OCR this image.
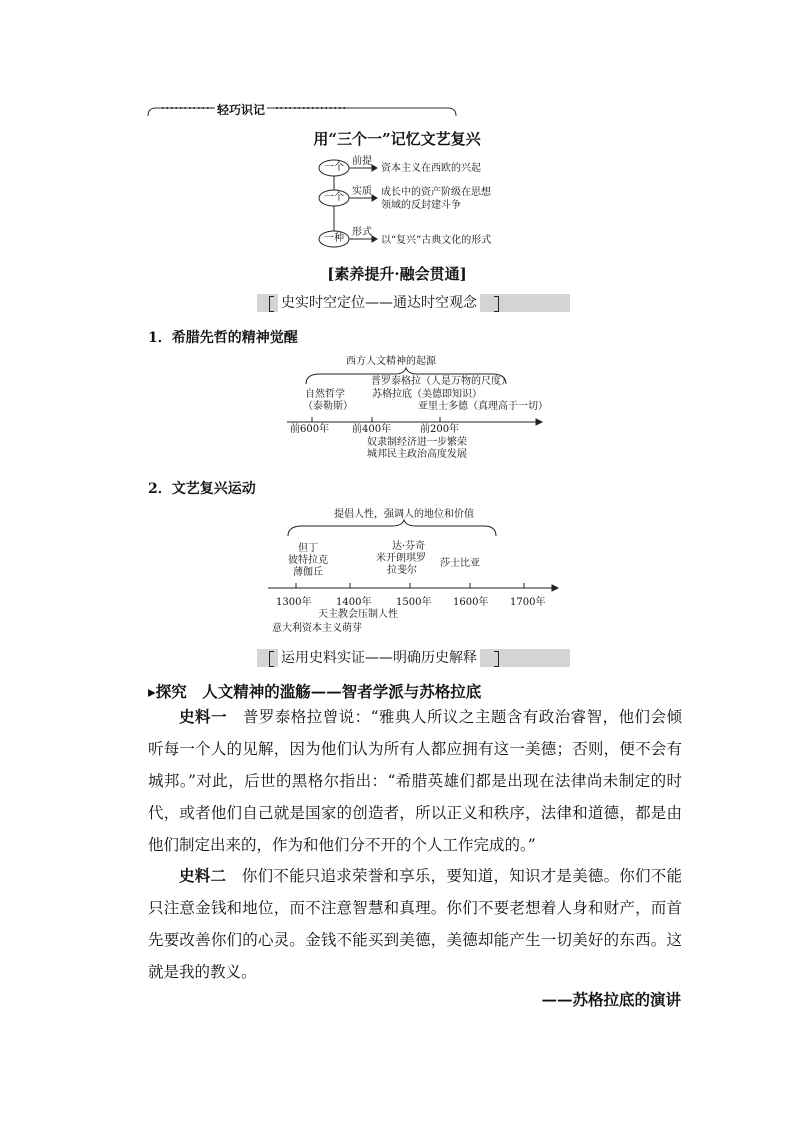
轻巧识记
用“三个一”记忆文艺复兴
一个
一个
一种
前提
实质
形式
资本主义在西欧的兴起
成长中的资产阶级在思想
领域的反封建斗争
以“复兴”古典文化的形式
[素养提升·融会贯通]
史实时空定位——通达时空观念
1．希腊先哲的精神觉醒
西方人文精神的起源
普罗泰格拉（人是万物的尺度）
自然哲学	苏格拉底（美德即知识）
（泰勒斯）	亚里士多德（真理高于一切）
前600年 前400年	前200年
奴隶制经济进一步繁荣
城邦民主政治高度发展
2．文艺复兴运动
提倡人性，强调人的地位和价值
达·芬奇
但丁
米开朗琪罗
彼特拉克	莎士比亚
拉斐尔
薄伽丘
1300年 1400年 1500年 1600年 1700年
天主教会压制人性
意大利资本主义萌芽
运用史料实证——明确历史解释
▸探究　人文精神的滥觞——智者学派与苏格拉底

史料一　普罗泰格拉曾说：“雅典人所议之主题含有政治睿智，他们会倾听每一个人的见解，因为他们认为所有人都应拥有这一美德；否则，便不会有城邦。”对此，后世的黑格尔指出：“希腊英雄们都是出现在法律尚未制定的时代，或者他们自己就是国家的创造者，所以正义和秩序，法律和道德，都是由他们制定出来的，作为和他们分不开的个人工作完成的。”

史料二　你们不能只追求荣誉和享乐，要知道，知识才是美德。你们不能只注意金钱和地位，而不注意智慧和真理。你们不要老想着人身和财产，而首先要改善你们的心灵。金钱不能买到美德，美德却能产生一切美好的东西。这就是我的教义。

——苏格拉底的演讲
